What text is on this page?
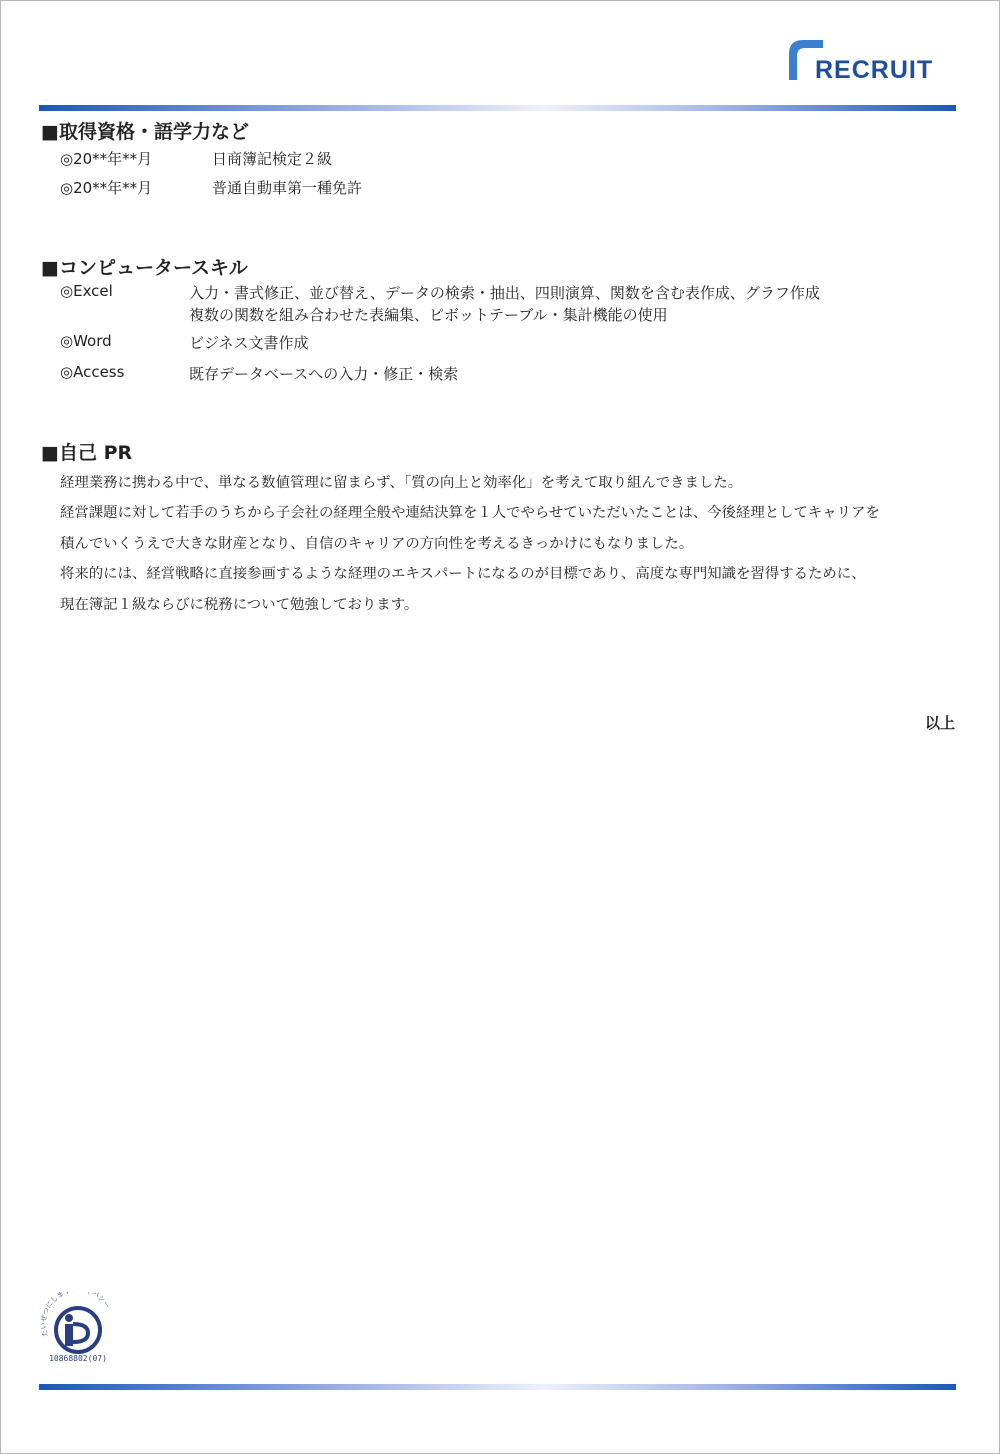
RECRUIT
■取得資格・語学力など
◎20**年**月	日商簿記検定２級
◎20**年**月	普通自動車第一種免許
■コンピュータースキル
◎Excel	入力・書式修正、並び替え、データの検索・抽出、四則演算、関数を含む表作成、グラフ作成
複数の関数を組み合わせた表編集、ピボットテーブル・集計機能の使用
◎Word	ビジネス文書作成
◎Access	既存データベースへの入力・修正・検索
■自己 PR
経理業務に携わる中で、単なる数値管理に留まらず、「質の向上と効率化」を考えて取り組んできました。
経営課題に対して若手のうちから子会社の経理全般や連結決算を１人でやらせていただいたことは、今後経理としてキャリアを
積んでいくうえで大きな財産となり、自信のキャリアの方向性を考えるきっかけにもなりました。
将来的には、経営戦略に直接参画するような経理のエキスパートになるのが目標であり、高度な専門知識を習得するために、
現在簿記１級ならびに税務について勉強しております。
以上
たいせつにしま バシー
10868802(07)
